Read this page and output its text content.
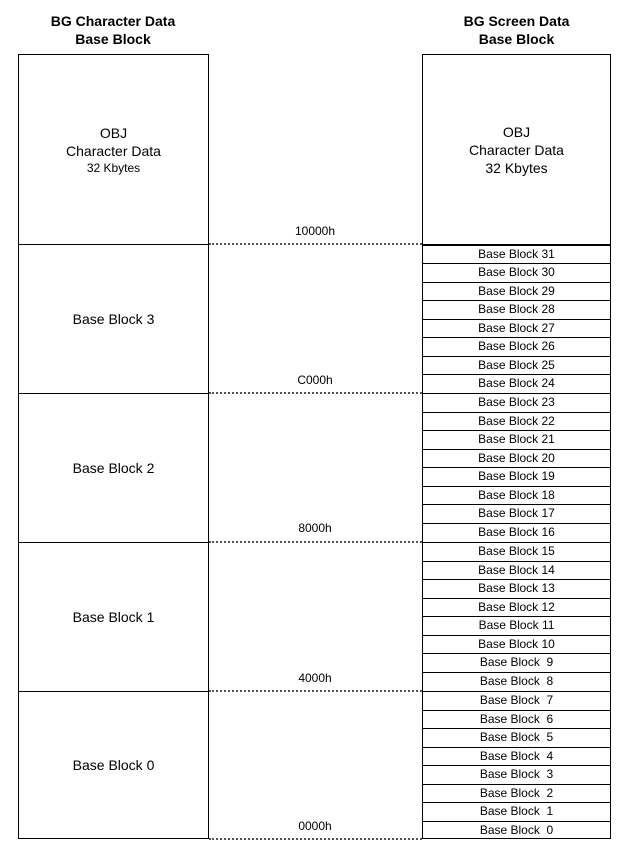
BG Character Data
Base Block
BG Screen Data
Base Block
OBJ
Character Data
32 Kbytes
Base Block 3
Base Block 2
Base Block 1
Base Block 0
OBJ
Character Data
32 Kbytes
Base Block 31
Base Block 30
Base Block 29
Base Block 28
Base Block 27
Base Block 26
Base Block 25
Base Block 24
Base Block 23
Base Block 22
Base Block 21
Base Block 20
Base Block 19
Base Block 18
Base Block 17
Base Block 16
Base Block 15
Base Block 14
Base Block 13
Base Block 12
Base Block 11
Base Block 10
Base Block  9
Base Block  8
Base Block  7
Base Block  6
Base Block  5
Base Block  4
Base Block  3
Base Block  2
Base Block  1
Base Block  0
10000h
C000h
8000h
4000h
0000h
